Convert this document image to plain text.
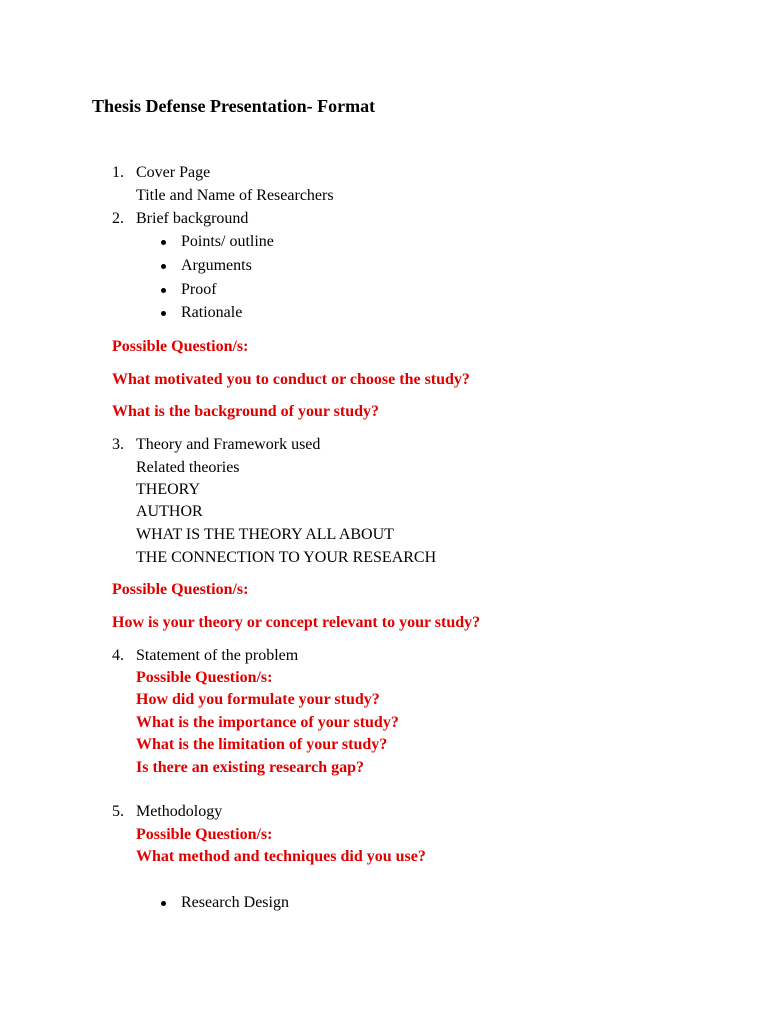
Thesis Defense Presentation- Format
1. Cover Page
Title and Name of Researchers
2. Brief background
Points/ outline
Arguments
Proof
Rationale
Possible Question/s:
What motivated you to conduct or choose the study?
What is the background of your study?
3. Theory and Framework used
Related theories
THEORY
AUTHOR
WHAT IS THE THEORY ALL ABOUT
THE CONNECTION TO YOUR RESEARCH
Possible Question/s:
How is your theory or concept relevant to your study?
4. Statement of the problem
Possible Question/s:
How did you formulate your study?
What is the importance of your study?
What is the limitation of your study?
Is there an existing research gap?
5. Methodology
Possible Question/s:
What method and techniques did you use?
Research Design
